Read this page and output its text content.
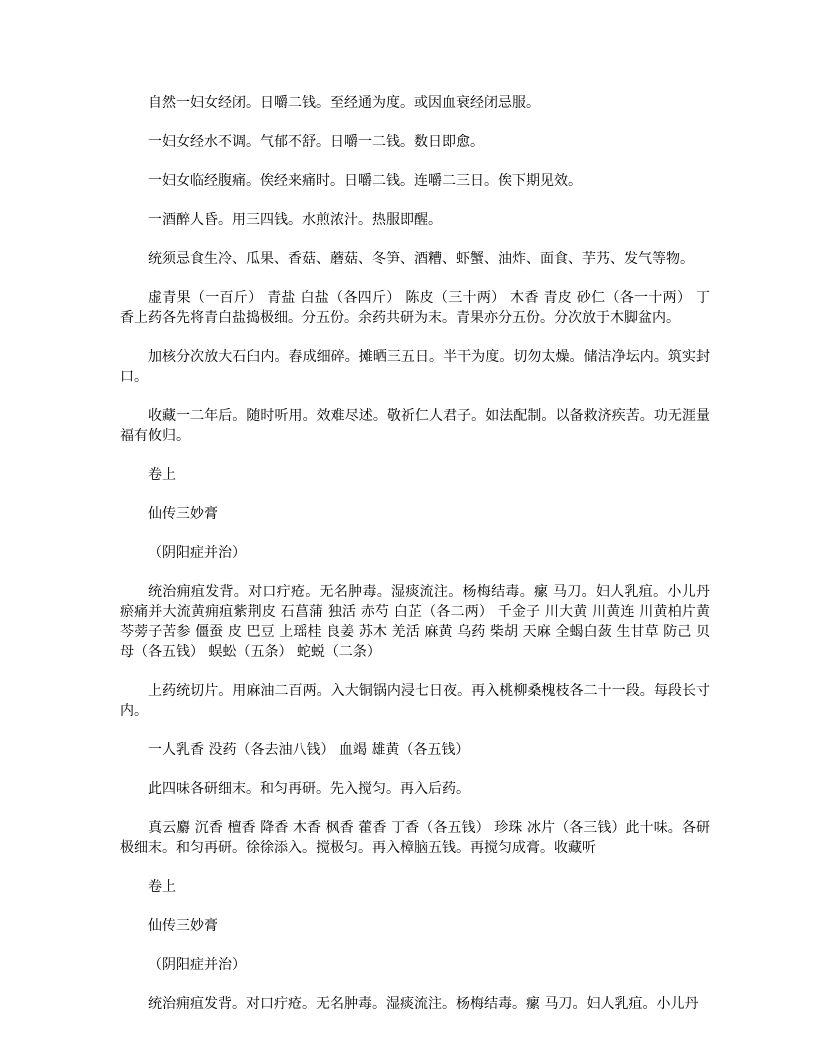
自然一妇女经闭。日嚼二钱。至经通为度。或因血衰经闭忌服。

一妇女经水不调。气郁不舒。日嚼一二钱。数日即愈。

一妇女临经腹痛。俟经来痛时。日嚼二钱。连嚼二三日。俟下期见效。

一酒醉人昏。用三四钱。水煎浓汁。热服即醒。

统须忌食生冷、瓜果、香菇、蘑菇、冬笋、酒糟、虾蟹、油炸、面食、芋艿、发气等物。

虚青果（一百斤） 青盐 白盐（各四斤） 陈皮（三十两） 木香 青皮 砂仁（各一十两） 丁香上药各先将青白盐捣极细。分五份。余药共研为末。青果亦分五份。分次放于木脚盆内。

加核分次放大石臼内。舂成细碎。摊晒三五日。半干为度。切勿太燥。储洁净坛内。筑实封口。

收藏一二年后。随时听用。效难尽述。敬祈仁人君子。如法配制。以备救济疾苦。功无涯量福有攸归。

卷上

仙传三妙膏

（阴阳症并治）

统治痈疽发背。对口疔疮。无名肿毒。湿痰流注。杨梅结毒。瘰 马刀。妇人乳疽。小儿丹瘀痛并大流黄痈疽紫荆皮 石菖蒲 独活 赤芍 白芷（各二两） 千金子 川大黄 川黄连 川黄柏片黄芩蒡子苦参 僵蚕 皮 巴豆 上瑶桂 良姜 苏木 羌活 麻黄 乌药 柴胡 天麻 全蝎白蔹 生甘草 防己 贝母（各五钱） 蜈蚣（五条） 蛇蜕（二条）

上药统切片。用麻油二百两。入大铜锅内浸七日夜。再入桃柳桑槐枝各二十一段。每段长寸内。

一人乳香 没药（各去油八钱） 血竭 雄黄（各五钱）

此四味各研细末。和匀再研。先入搅匀。再入后药。

真云麝 沉香 檀香 降香 木香 枫香 藿香 丁香（各五钱） 珍珠 冰片（各三钱）此十味。各研极细末。和匀再研。徐徐添入。搅极匀。再入樟脑五钱。再搅匀成膏。收藏听

卷上

仙传三妙膏

（阴阳症并治）

统治痈疽发背。对口疔疮。无名肿毒。湿痰流注。杨梅结毒。瘰 马刀。妇人乳疽。小儿丹
